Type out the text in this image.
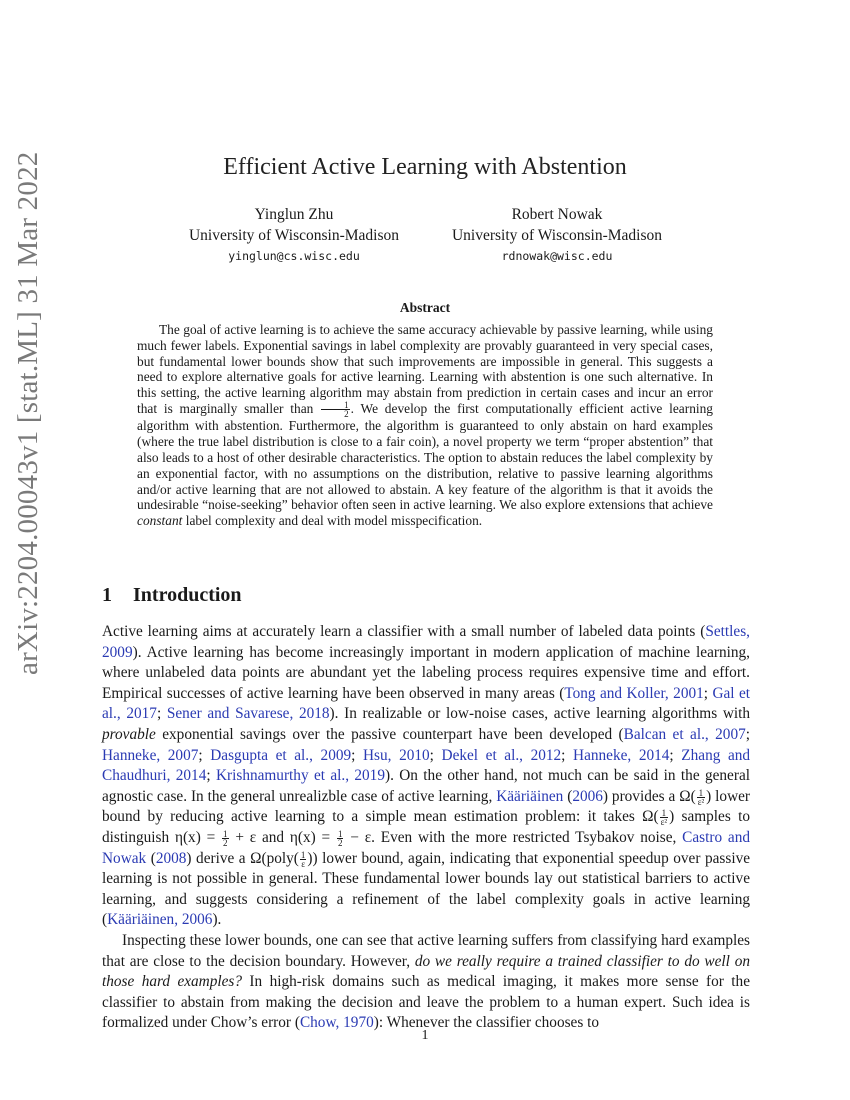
arXiv:2204.00043v1 [stat.ML] 31 Mar 2022	Efficient Active Learning with Abstention
Yinglun Zhu
University of Wisconsin-Madison
yinglun@cs.wisc.edu
Robert Nowak
University of Wisconsin-Madison
rdnowak@wisc.edu
Abstract

The goal of active learning is to achieve the same accuracy achievable by passive learning, while using much fewer labels. Exponential savings in label complexity are provably guaranteed in very special cases, but fundamental lower bounds show that such improvements are impossible in general. This suggests a need to explore alternative goals for active learning. Learning with abstention is one such alternative. In this setting, the active learning algorithm may abstain from prediction in certain cases and incur an error that is marginally smaller than $\frac{1}{2}$ . We develop the first computationally efficient active learning algorithm with abstention. Furthermore, the algorithm is guaranteed to only abstain on hard examples (where the true label distribution is close to a fair coin), a novel property we term “proper abstention” that also leads to a host of other desirable characteristics. The option to abstain reduces the label complexity by an exponential factor, with no assumptions on the distribution, relative to passive learning algorithms and/or active learning that are not allowed to abstain. A key feature of the algorithm is that it avoids the undesirable “noise-seeking” behavior often seen in active learning. We also explore extensions that achieve constant label complexity and deal with model misspecification.

1 Introduction

Active learning aims at accurately learn a classifier with a small number of labeled data points (Settles, 2009). Active learning has become increasingly important in modern application of machine learning, where unlabeled data points are abundant yet the labeling process requires expensive time and effort. Empirical successes of active learning have been observed in many areas (Tong and Koller, 2001; Gal et al., 2017; Sener and Savarese, 2018). In realizable or low-noise cases, active learning algorithms with provable exponential savings over the passive counterpart have been developed (Balcan et al., 2007; Hanneke, 2007; Dasgupta et al., 2009; Hsu, 2010; Dekel et al., 2012; Hanneke, 2014; Zhang and Chaudhuri, 2014; Krishnamurthy et al., 2019). On the other hand, not much can be said in the general agnostic case. In the general unrealizble case of active learning, Kääriäinen (2006) provides a $\Omega( \frac{1}{\text{ε²}}$ ) lower bound by reducing active learning to a simple mean estimation problem: it takes $\Omega( \frac{1}{\text{ε²}}$ ) samples to distinguish $\eta(x) = \frac{1}{2} + \varepsilon$ and $\eta(x) = \frac{1}{2} - \varepsilon$. Even with the more restricted Tsybakov noise, Castro and Nowak (2008) derive a Ω(poly( $\frac{1}{\varepsilon}$ )) lower bound, again, indicating that exponential speedup over passive learning is not possible in general. These fundamental lower bounds lay out statistical barriers to active learning, and suggests considering a refinement of the label complexity goals in active learning (Kääriäinen, 2006).

Inspecting these lower bounds, one can see that active learning suffers from classifying hard examples that are close to the decision boundary. However, do we really require a trained classifier to do well on those hard examples? In high-risk domains such as medical imaging, it makes more sense for the classifier to abstain from making the decision and leave the problem to a human expert. Such idea is formalized under Chow’s error (Chow, 1970): Whenever the classifier chooses to

1
